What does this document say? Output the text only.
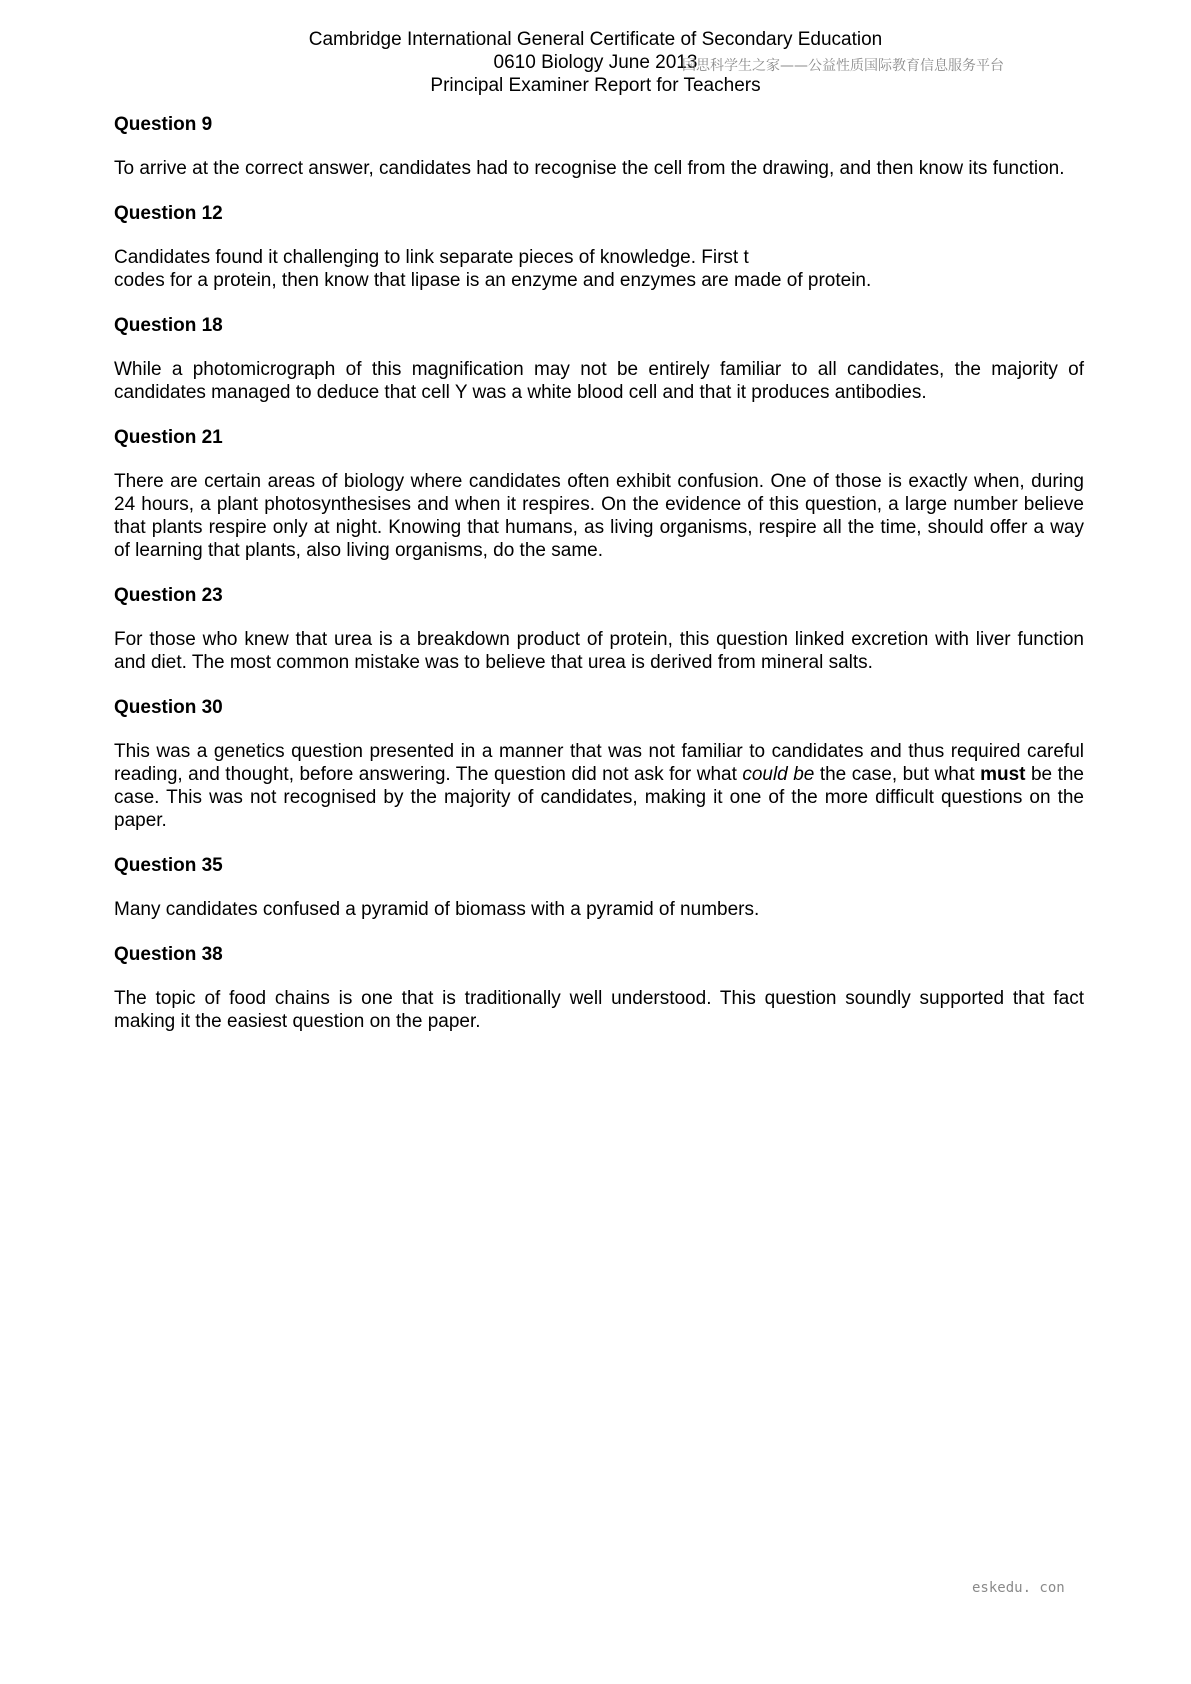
Cambridge International General Certificate of Secondary Education
0610 Biology June 2013
Principal Examiner Report for Teachers
国思科学生之家——公益性质国际教育信息服务平台

Question 9

To arrive at the correct answer, candidates had to recognise the cell from the drawing, and then know its function.

Question 12

Candidates found it challenging to link separate pieces of knowledge. First t
codes for a protein, then know that lipase is an enzyme and enzymes are made of protein.

Question 18

While a photomicrograph of this magnification may not be entirely familiar to all candidates, the majority of candidates managed to deduce that cell Y was a white blood cell and that it produces antibodies.

Question 21

There are certain areas of biology where candidates often exhibit confusion. One of those is exactly when, during 24 hours, a plant photosynthesises and when it respires. On the evidence of this question, a large number believe that plants respire only at night. Knowing that humans, as living organisms, respire all the time, should offer a way of learning that plants, also living organisms, do the same.

Question 23

For those who knew that urea is a breakdown product of protein, this question linked excretion with liver function and diet. The most common mistake was to believe that urea is derived from mineral salts.

Question 30

This was a genetics question presented in a manner that was not familiar to candidates and thus required careful reading, and thought, before answering. The question did not ask for what could be the case, but what must be the case. This was not recognised by the majority of candidates, making it one of the more difficult questions on the paper.

Question 35

Many candidates confused a pyramid of biomass with a pyramid of numbers.

Question 38

The topic of food chains is one that is traditionally well understood. This question soundly supported that fact making it the easiest question on the paper.

eskedu. con
